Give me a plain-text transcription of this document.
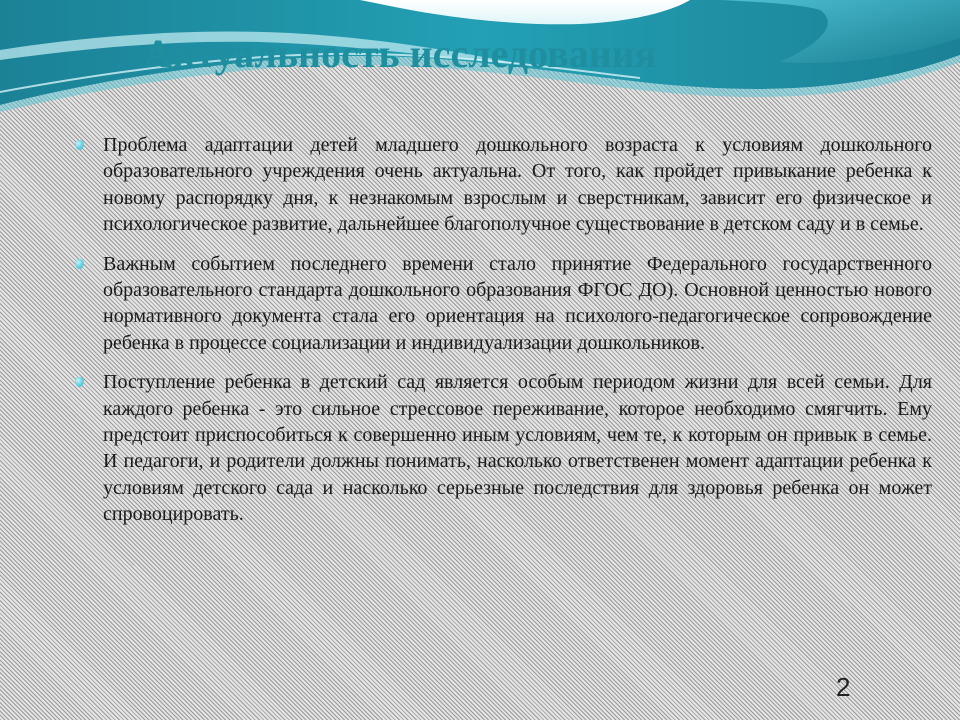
Актуальность исследования
Проблема адаптации детей младшего дошкольного возраста к условиям дошкольного образовательного учреждения очень актуальна. От того, как пройдет привыкание ребенка к новому распорядку дня, к незнакомым взрослым и сверстникам, зависит его физическое и психологическое развитие, дальнейшее благополучное существование в детском саду и в семье.
Важным событием последнего времени стало принятие Федерального государственного образовательного стандарта дошкольного образования ФГОС ДО). Основной ценностью нового нормативного документа стала его ориентация на психолого-педагогическое сопровождение ребенка в процессе социализации и индивидуализации дошкольников.
Поступление ребенка в детский сад является особым периодом жизни для всей семьи. Для каждого ребенка - это сильное стрессовое переживание, которое необходимо смягчить. Ему предстоит приспособиться к совершенно иным условиям, чем те, к которым он привык в семье. И педагоги, и родители должны понимать, насколько ответственен момент адаптации ребенка к условиям детского сада и насколько серьезные последствия для здоровья ребенка он может спровоцировать.
2
